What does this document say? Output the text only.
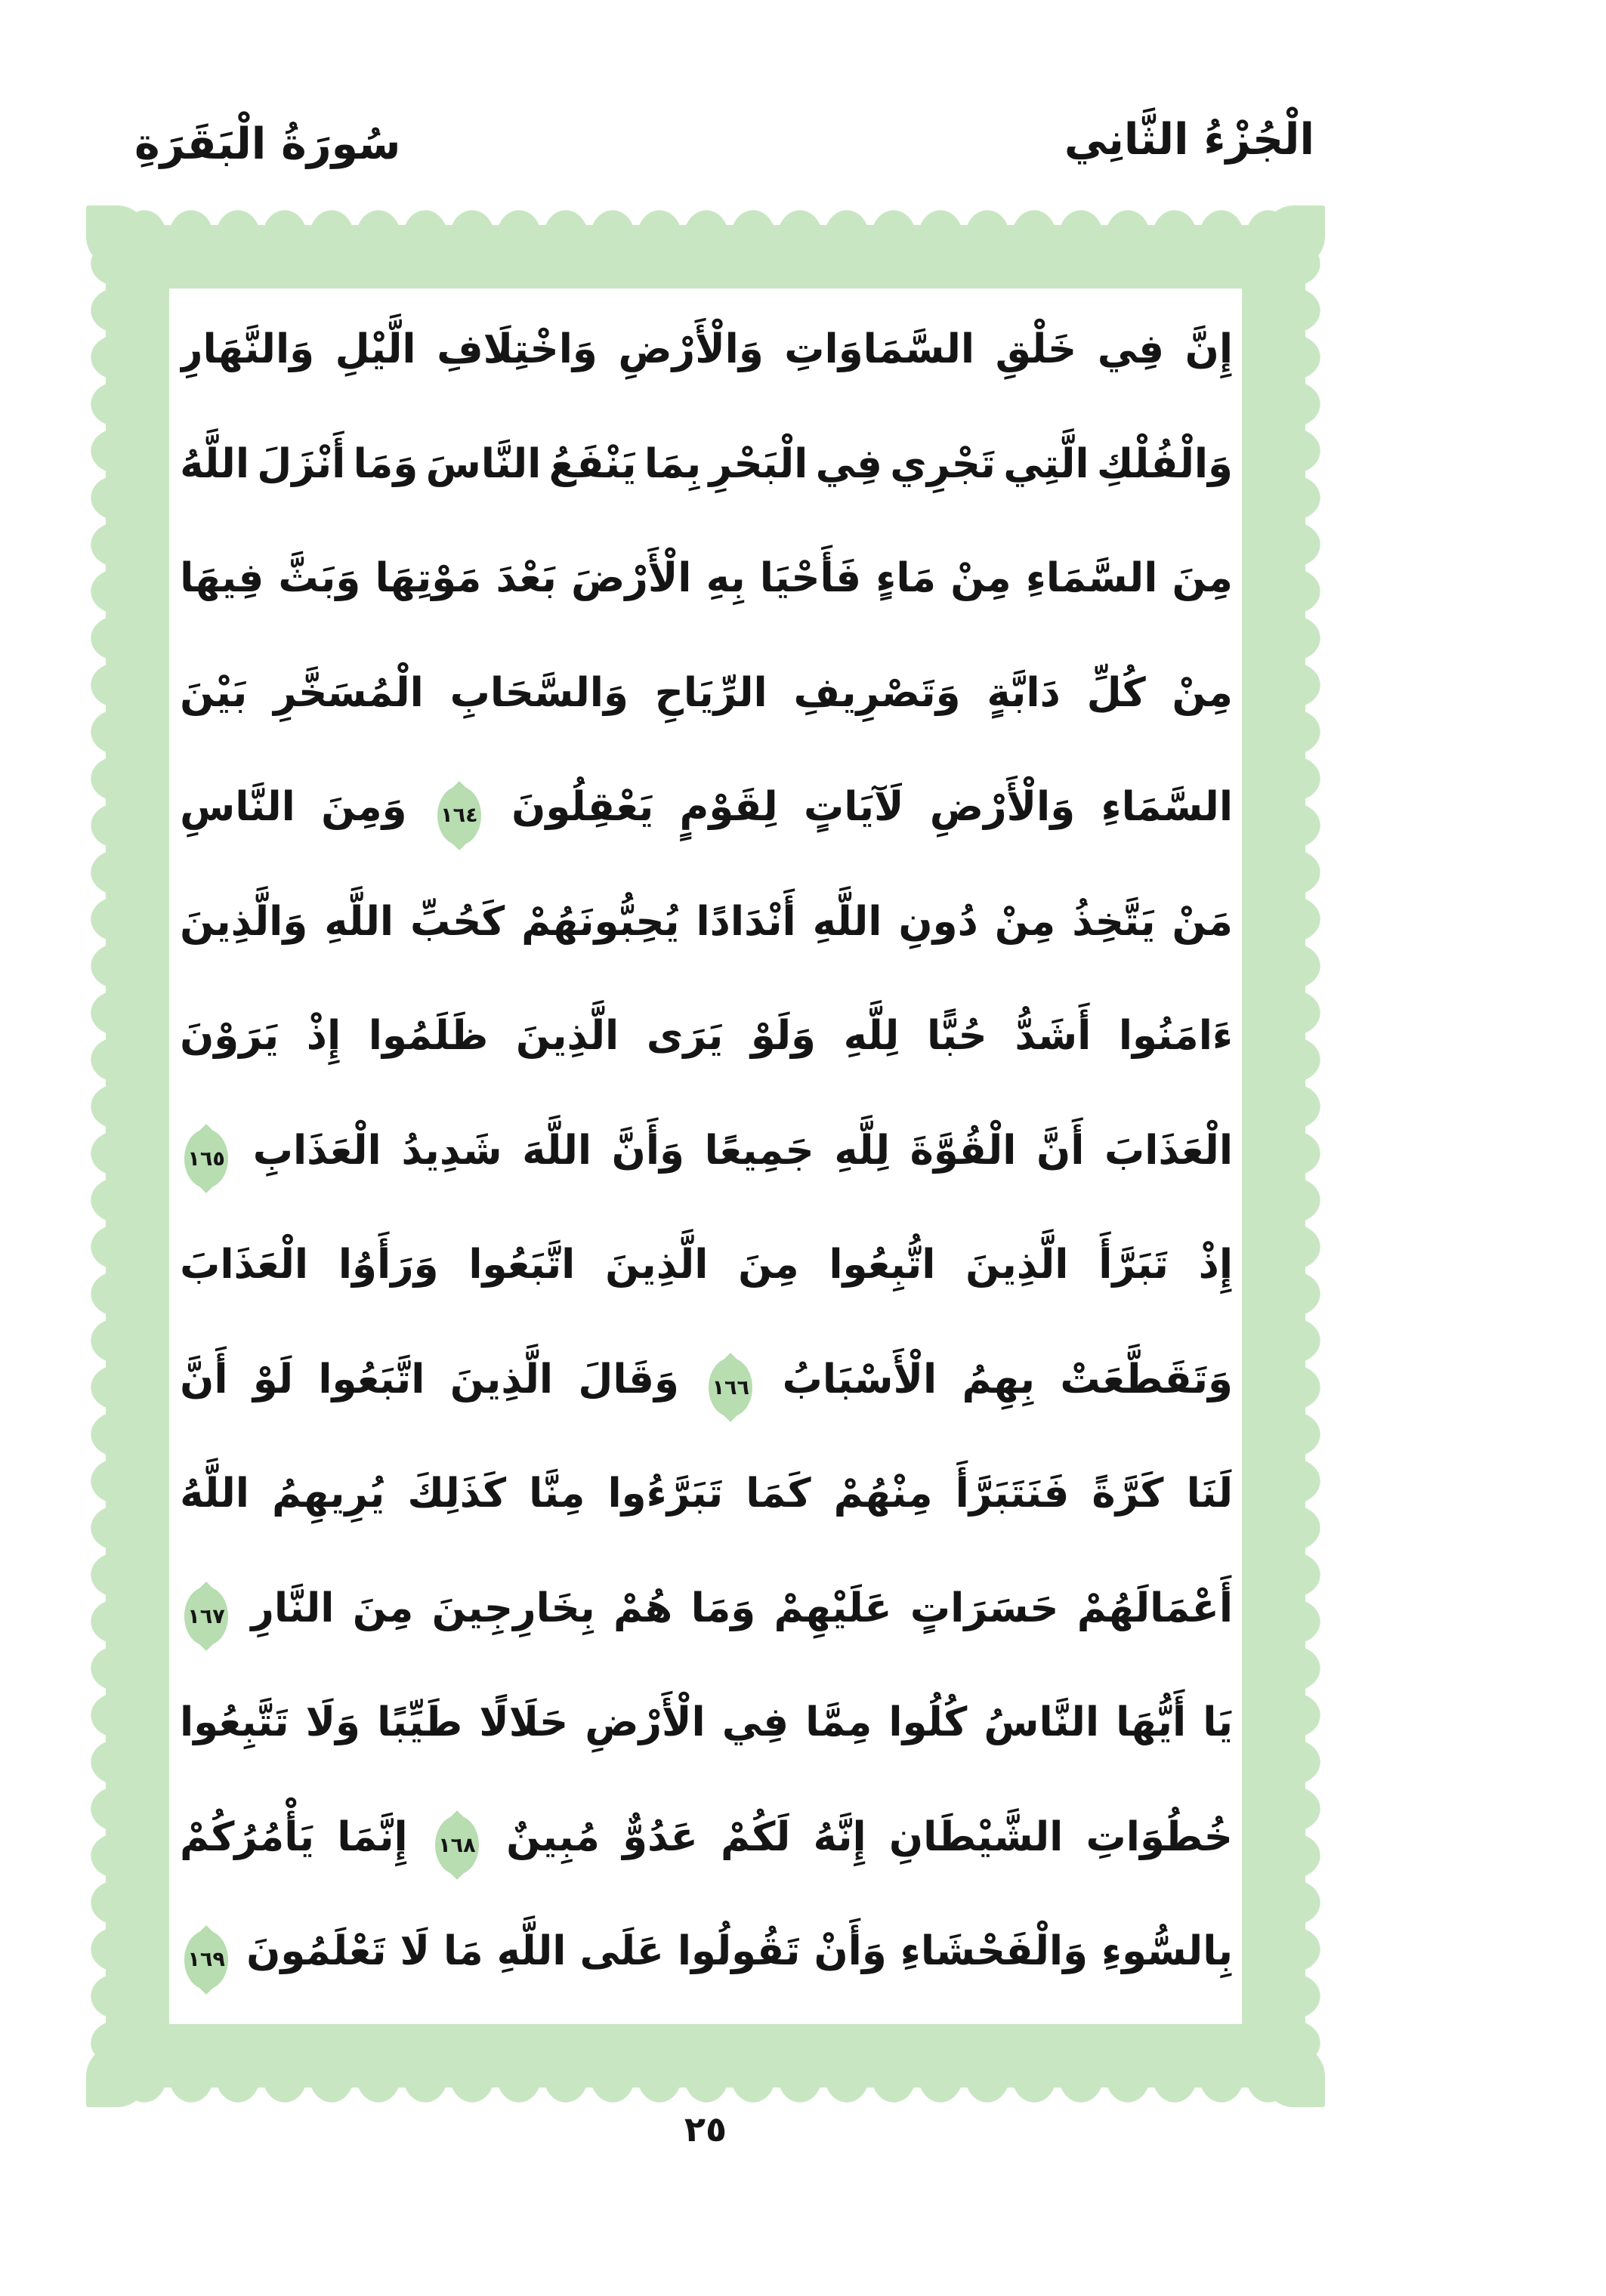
سُورَةُ الْبَقَرَةِ	الْجُزْءُ الثَّانِي
إِنَّ
فِي
خَلْقِ
السَّمَاوَاتِ
وَالْأَرْضِ
وَاخْتِلَافِ
الَّيْلِ
وَالنَّهَارِ
وَالْفُلْكِ
الَّتِي
تَجْرِي
فِي
الْبَحْرِ
بِمَا
يَنْفَعُ
النَّاسَ
وَمَا
أَنْزَلَ
اللَّهُ
مِنَ
السَّمَاءِ
مِنْ
مَاءٍ
فَأَحْيَا
بِهِ
الْأَرْضَ
بَعْدَ
مَوْتِهَا
وَبَثَّ
فِيهَا
مِنْ
كُلِّ
دَابَّةٍ
وَتَصْرِيفِ
الرِّيَاحِ
وَالسَّحَابِ
الْمُسَخَّرِ
بَيْنَ
السَّمَاءِ
وَالْأَرْضِ
لَآيَاتٍ
لِقَوْمٍ
يَعْقِلُونَ
١٦٤
وَمِنَ
النَّاسِ
مَنْ
يَتَّخِذُ
مِنْ
دُونِ
اللَّهِ
أَنْدَادًا
يُحِبُّونَهُمْ
كَحُبِّ
اللَّهِ
وَالَّذِينَ
ءَامَنُوا
أَشَدُّ
حُبًّا
لِلَّهِ
وَلَوْ
يَرَى
الَّذِينَ
ظَلَمُوا
إِذْ
يَرَوْنَ
الْعَذَابَ
أَنَّ
الْقُوَّةَ
لِلَّهِ
جَمِيعًا
وَأَنَّ
اللَّهَ
شَدِيدُ
الْعَذَابِ
١٦٥
إِذْ
تَبَرَّأَ
الَّذِينَ
اتُّبِعُوا
مِنَ
الَّذِينَ
اتَّبَعُوا
وَرَأَوُا
الْعَذَابَ
وَتَقَطَّعَتْ
بِهِمُ
الْأَسْبَابُ
١٦٦
وَقَالَ
الَّذِينَ
اتَّبَعُوا
لَوْ
أَنَّ
لَنَا
كَرَّةً
فَنَتَبَرَّأَ
مِنْهُمْ
كَمَا
تَبَرَّءُوا
مِنَّا
كَذَلِكَ
يُرِيهِمُ
اللَّهُ
أَعْمَالَهُمْ
حَسَرَاتٍ
عَلَيْهِمْ
وَمَا
هُمْ
بِخَارِجِينَ
مِنَ
النَّارِ
١٦٧
يَا
أَيُّهَا
النَّاسُ
كُلُوا
مِمَّا
فِي
الْأَرْضِ
حَلَالًا
طَيِّبًا
وَلَا
تَتَّبِعُوا
خُطُوَاتِ
الشَّيْطَانِ
إِنَّهُ
لَكُمْ
عَدُوٌّ
مُبِينٌ
١٦٨
إِنَّمَا
يَأْمُرُكُمْ
بِالسُّوءِ
وَالْفَحْشَاءِ
وَأَنْ
تَقُولُوا
عَلَى
اللَّهِ
مَا
لَا
تَعْلَمُونَ
١٦٩
٢٥
